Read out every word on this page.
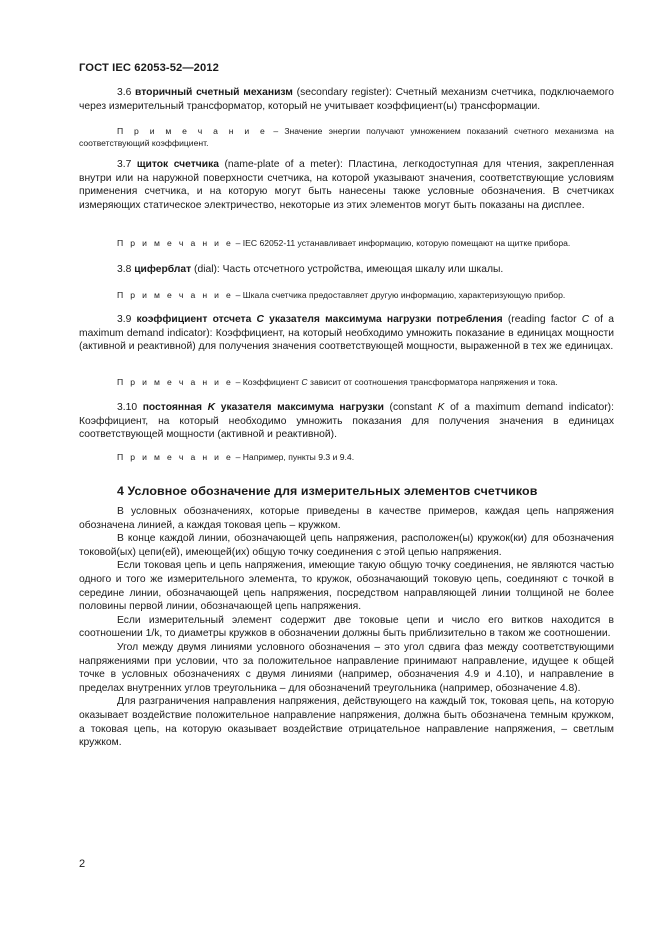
ГОСТ IEC 62053-52—2012

3.6 вторичный счетный механизм (secondary register): Счетный механизм счетчика, подключаемого через измерительный трансформатор, который не учитывает коэффициент(ы) трансформации.

П р и м е ч а н и е – Значение энергии получают умножением показаний счетного механизма на соответствующий коэффициент.

3.7 щиток счетчика (name-plate of a meter): Пластина, легкодоступная для чтения, закрепленная внутри или на наружной поверхности счетчика, на которой указывают значения, соответствующие условиям применения счетчика, и на которую могут быть нанесены также условные обозначения. В счетчиках измеряющих статическое электричество, некоторые из этих элементов могут быть показаны на дисплее.

П р и м е ч а н и е – IEC 62052-11 устанавливает информацию, которую помещают на щитке прибора.

3.8 циферблат (dial): Часть отсчетного устройства, имеющая шкалу или шкалы.

П р и м е ч а н и е – Шкала счетчика предоставляет другую информацию, характеризующую прибор.

3.9 коэффициент отсчета C указателя максимума нагрузки потребления (reading factor C of a maximum demand indicator): Коэффициент, на который необходимо умножить показание в единицах мощности (активной и реактивной) для получения значения соответствующей мощности, выраженной в тех же единицах.

П р и м е ч а н и е – Коэффициент C зависит от соотношения трансформатора напряжения и тока.

3.10 постоянная K указателя максимума нагрузки (constant K of a maximum demand indicator): Коэффициент, на который необходимо умножить показания для получения значения в единицах соответствующей мощности (активной и реактивной).

П р и м е ч а н и е – Например, пункты 9.3 и 9.4.

4 Условное обозначение для измерительных элементов счетчиков

В условных обозначениях, которые приведены в качестве примеров, каждая цепь напряжения обозначена линией, а каждая токовая цепь – кружком.

В конце каждой линии, обозначающей цепь напряжения, расположен(ы) кружок(ки) для обозначения токовой(ых) цепи(ей), имеющей(их) общую точку соединения с этой цепью напряжения.

Если токовая цепь и цепь напряжения, имеющие такую общую точку соединения, не являются частью одного и того же измерительного элемента, то кружок, обозначающий токовую цепь, соединяют с точкой в середине линии, обозначающей цепь напряжения, посредством направляющей линии толщиной не более половины первой линии, обозначающей цепь напряжения.

Если измерительный элемент содержит две токовые цепи и число его витков находится в соотношении 1/k, то диаметры кружков в обозначении должны быть приблизительно в таком же соотношении.

Угол между двумя линиями условного обозначения – это угол сдвига фаз между соответствующими напряжениями при условии, что за положительное направление принимают направление, идущее к общей точке в условных обозначениях с двумя линиями (например, обозначения 4.9 и 4.10), и направление в пределах внутренних углов треугольника – для обозначений треугольника (например, обозначение 4.8).

Для разграничения направления напряжения, действующего на каждый ток, токовая цепь, на которую оказывает воздействие положительное направление напряжения, должна быть обозначена темным кружком, а токовая цепь, на которую оказывает воздействие отрицательное направление напряжения, – светлым кружком.

2
